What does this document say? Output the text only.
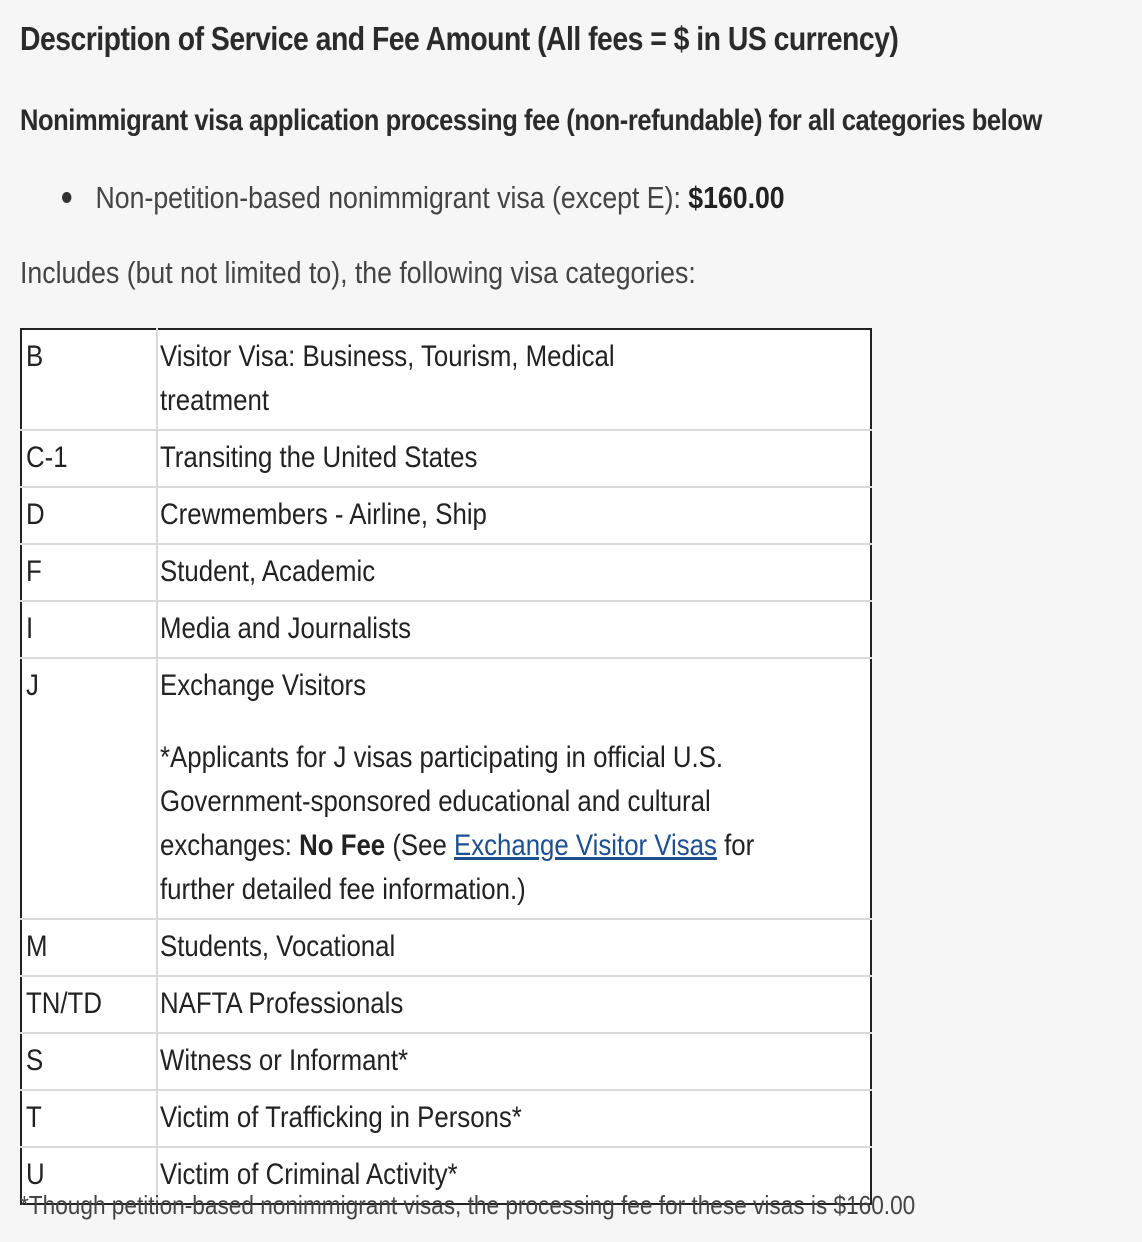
Description of Service and Fee Amount (All fees = $ in US currency)
Nonimmigrant visa application processing fee (non-refundable) for all categories below
Non-petition-based nonimmigrant visa (except E): $160.00
Includes (but not limited to), the following visa categories:
B	Visitor Visa: Business, Tourism, Medical treatment
C-1	Transiting the United States
D	Crewmembers - Airline, Ship
F	Student, Academic
I	Media and Journalists
J	Exchange Visitors *Applicants for J visas participating in official U.S. Government-sponsored educational and cultural exchanges: No Fee (See Exchange Visitor Visas for further detailed fee information.)
M	Students, Vocational
TN/TD	NAFTA Professionals
S	Witness or Informant*
T	Victim of Trafficking in Persons*
U	Victim of Criminal Activity*
*Though petition-based nonimmigrant visas, the processing fee for these visas is $160.00
